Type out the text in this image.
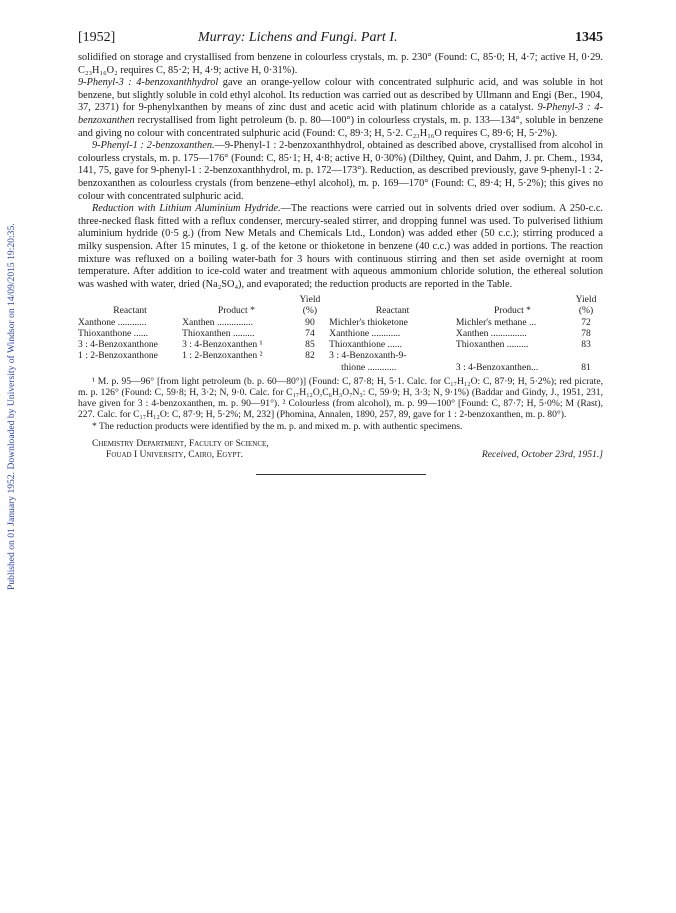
Published on 01 January 1952. Downloaded by University of Windsor on 14/09/2015 19:20:35.
[1952]	Murray: Lichens and Fungi. Part I.	1345

solidified on storage and crystallised from benzene in colourless crystals, m. p. 230° (Found: C, 85·0; H, 4·7; active H, 0·29. C₂₃H₁₆O₂ requires C, 85·2; H, 4·9; active H, 0·31%).

9-Phenyl-3 : 4-benzoxanthhydrol gave an orange-yellow colour with concentrated sulphuric acid, and was soluble in hot benzene, but slightly soluble in cold ethyl alcohol. Its reduction was carried out as described by Ullmann and Engi (Ber., 1904, 37, 2371) for 9-phenylxanthen by means of zinc dust and acetic acid with platinum chloride as a catalyst. 9-Phenyl-3 : 4-benzoxanthen recrystallised from light petroleum (b. p. 80—100°) in colourless crystals, m. p. 133—134°, soluble in benzene and giving no colour with concentrated sulphuric acid (Found: C, 89·3; H, 5·2. C₂₃H₁₆O requires C, 89·6; H, 5·2%).

9-Phenyl-1 : 2-benzoxanthen.—9-Phenyl-1 : 2-benzoxanthhydrol, obtained as described above, crystallised from alcohol in colourless crystals, m. p. 175—176° (Found: C, 85·1; H, 4·8; active H, 0·30%) (Dilthey, Quint, and Dahm, J. pr. Chem., 1934, 141, 75, gave for 9-phenyl-1 : 2-benzoxanthhydrol, m. p. 172—173°). Reduction, as described previously, gave 9-phenyl-1 : 2-benzoxanthen as colourless crystals (from benzene–ethyl alcohol), m. p. 169—170° (Found: C, 89·4; H, 5·2%); this gives no colour with concentrated sulphuric acid.

Reduction with Lithium Aluminium Hydride.—The reactions were carried out in solvents dried over sodium. A 250-c.c. three-necked flask fitted with a reflux condenser, mercury-sealed stirrer, and dropping funnel was used. To pulverised lithium aluminium hydride (0·5 g.) (from New Metals and Chemicals Ltd., London) was added ether (50 c.c.); stirring produced a milky suspension. After 15 minutes, 1 g. of the ketone or thioketone in benzene (40 c.c.) was added in portions. The reaction mixture was refluxed on a boiling water-bath for 3 hours with continuous stirring and then set aside overnight at room temperature. After addition to ice-cold water and treatment with aqueous ammonium chloride solution, the ethereal solution was washed with water, dried (Na₂SO₄), and evaporated; the reduction products are reported in the Table.

Reactant	Product *	Yield	Reactant	Product *	Yield
		(%)			(%)
Xanthone ............	Xanthen ...............	90	Michler's thioketone	Michler's methane ...	72
Thioxanthone ......	Thioxanthen .........	74	Xanthione ............	Xanthen ...............	78
3 : 4-Benzoxanthone	3 : 4-Benzoxanthen ¹	85	Thioxanthione ......	Thioxanthen .........	83
1 : 2-Benzoxanthone	1 : 2-Benzoxanthen ²	82	3 : 4-Benzoxanth-9-		
			thione ............	3 : 4-Benzoxanthen...	81

¹ M. p. 95—96° [from light petroleum (b. p. 60—80°)] (Found: C, 87·8; H, 5·1. Calc. for C₁₇H₁₂O: C, 87·9; H, 5·2%); red picrate, m. p. 126° (Found: C, 59·8; H, 3·2; N, 9·0. Calc. for C₁₇H₁₂O,C₆H₃O₇N₃: C, 59·9; H, 3·3; N, 9·1%) (Baddar and Gindy, J., 1951, 231, have given for 3 : 4-benzoxanthen, m. p. 90—91°). ² Colourless (from alcohol), m. p. 99—100° [Found: C, 87·7; H, 5·0%; M (Rast), 227. Calc. for C₁₇H₁₂O: C, 87·9; H, 5·2%; M, 232] (Phomina, Annalen, 1890, 257, 89, gave for 1 : 2-benzoxanthen, m. p. 80°).

* The reduction products were identified by the m. p. and mixed m. p. with authentic specimens.

Chemistry Department, Faculty of Science,
Fouad I University, Cairo, Egypt.	Received, October 23rd, 1951.]
